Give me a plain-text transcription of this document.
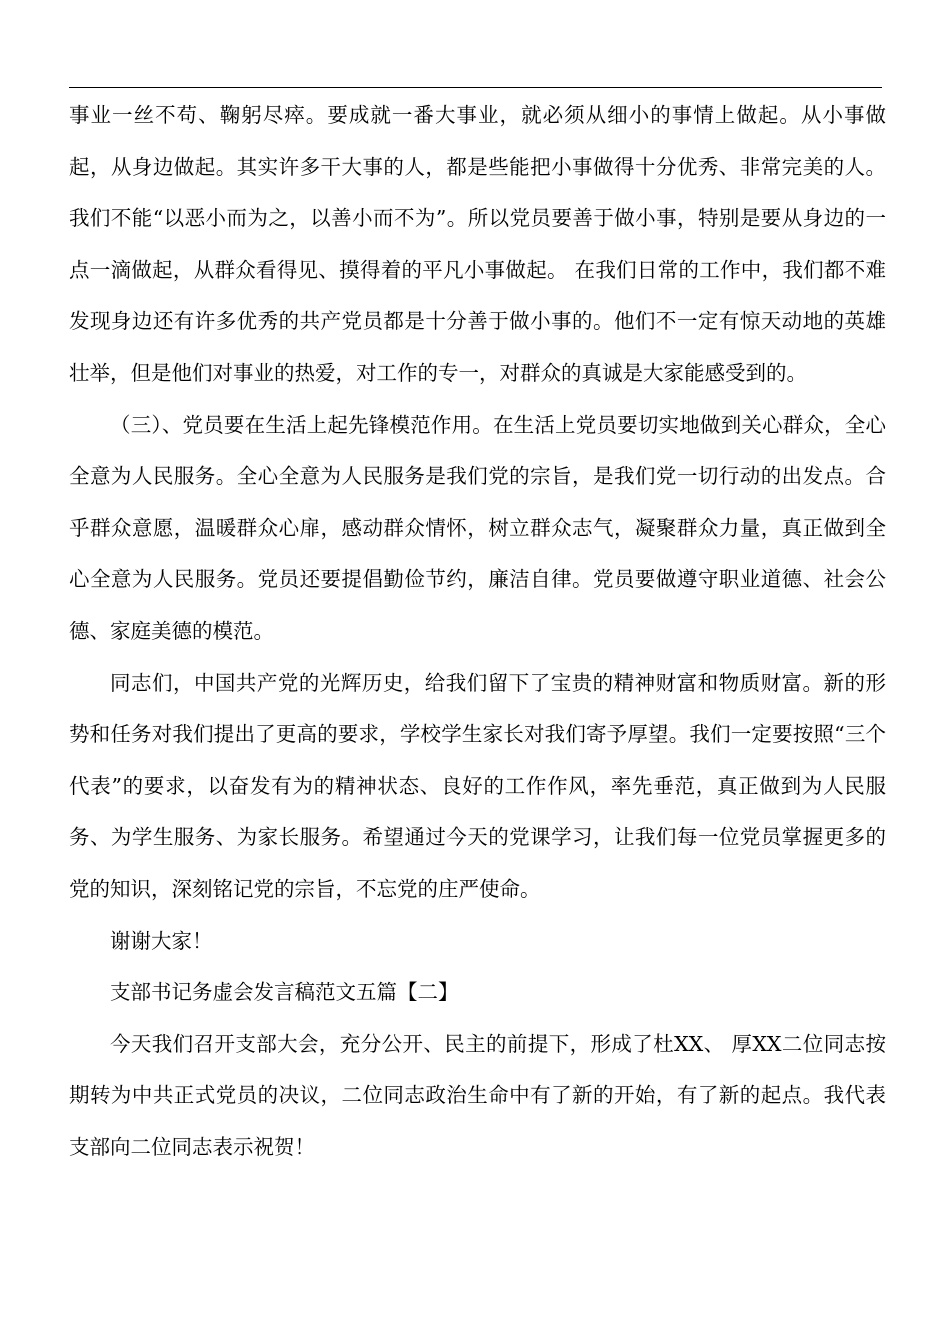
事业一丝不苟、鞠躬尽瘁。要成就一番大事业，就必须从细小的事情上做起。从小事做起，从身边做起。其实许多干大事的人，都是些能把小事做得十分优秀、非常完美的人。我们不能“以恶小而为之，以善小而不为”。所以党员要善于做小事，特别是要从身边的一点一滴做起，从群众看得见、摸得着的平凡小事做起。 在我们日常的工作中，我们都不难发现身边还有许多优秀的共产党员都是十分善于做小事的。他们不一定有惊天动地的英雄壮举，但是他们对事业的热爱，对工作的专一，对群众的真诚是大家能感受到的。

（三）、党员要在生活上起先锋模范作用。在生活上党员要切实地做到关心群众，全心全意为人民服务。全心全意为人民服务是我们党的宗旨，是我们党一切行动的出发点。合乎群众意愿，温暖群众心扉，感动群众情怀，树立群众志气，凝聚群众力量，真正做到全心全意为人民服务。党员还要提倡勤俭节约，廉洁自律。党员要做遵守职业道德、社会公德、家庭美德的模范。

同志们，中国共产党的光辉历史，给我们留下了宝贵的精神财富和物质财富。新的形势和任务对我们提出了更高的要求，学校学生家长对我们寄予厚望。我们一定要按照“三个代表”的要求，以奋发有为的精神状态、良好的工作作风，率先垂范，真正做到为人民服务、为学生服务、为家长服务。希望通过今天的党课学习，让我们每一位党员掌握更多的党的知识，深刻铭记党的宗旨，不忘党的庄严使命。

谢谢大家！

支部书记务虚会发言稿范文五篇【二】

今天我们召开支部大会，充分公开、民主的前提下，形成了杜XX、 厚XX二位同志按期转为中共正式党员的决议，二位同志政治生命中有了新的开始，有了新的起点。我代表支部向二位同志表示祝贺！
